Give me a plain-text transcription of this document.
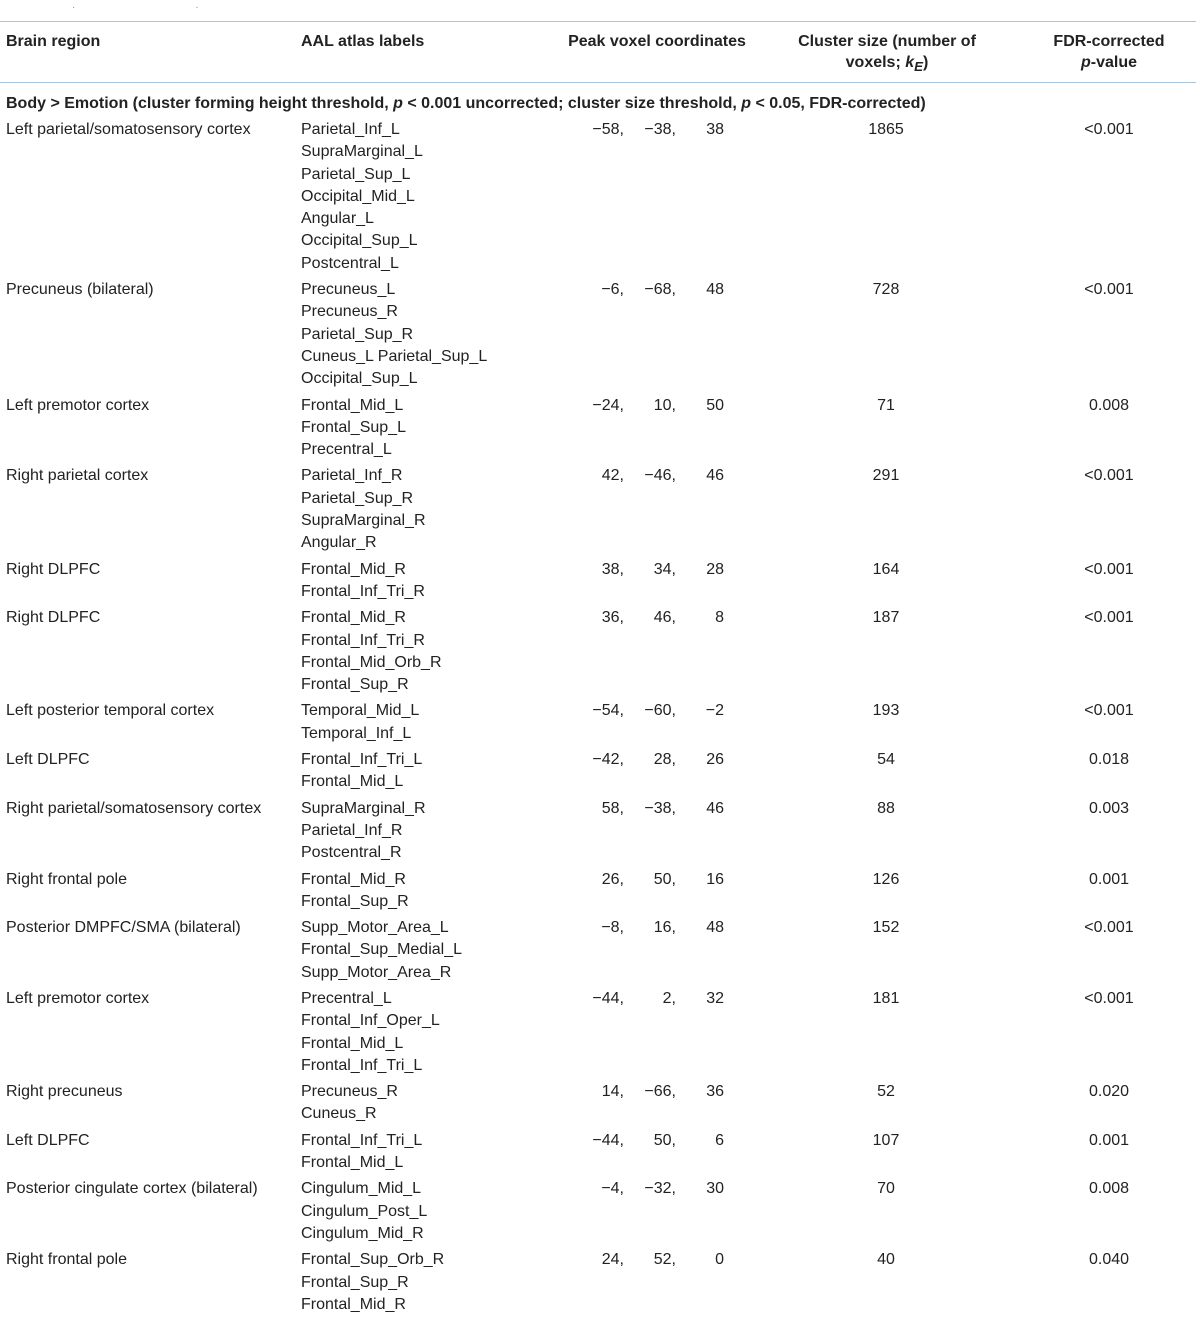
··
Brain region	AAL atlas labels	Peak voxel coordinates	Cluster size (number of
voxels; $k_E$)
FDR-corrected
p-value
Body > Emotion (cluster forming height threshold, p < 0.001 uncorrected; cluster size threshold, p < 0.05, FDR-corrected)
Left parietal/somatosensory cortex	Parietal_Inf_L
SupraMarginal_L
Parietal_Sup_L
Occipital_Mid_L
Angular_L
Occipital_Sup_L
Postcentral_L
−58,	−38,	38	1865	<0.001
Precuneus (bilateral)	Precuneus_L
Precuneus_R
Parietal_Sup_R
Cuneus_L Parietal_Sup_L
Occipital_Sup_L
−6,	−68,	48	728	<0.001
Left premotor cortex	Frontal_Mid_L
Frontal_Sup_L
Precentral_L
−24,	10,	50	71	0.008
Right parietal cortex	Parietal_Inf_R
Parietal_Sup_R
SupraMarginal_R
Angular_R
42,	−46,	46	291	<0.001
Right DLPFC	Frontal_Mid_R
Frontal_Inf_Tri_R
38,	34,	28	164	<0.001
Right DLPFC	Frontal_Mid_R
Frontal_Inf_Tri_R
Frontal_Mid_Orb_R
Frontal_Sup_R
36,	46,	8	187	<0.001
Left posterior temporal cortex	Temporal_Mid_L
Temporal_Inf_L
−54,	−60,	−2	193	<0.001
Left DLPFC	Frontal_Inf_Tri_L
Frontal_Mid_L
−42,	28,	26	54	0.018
Right parietal/somatosensory cortex SupraMarginal_R
Parietal_Inf_R
Postcentral_R
58,	−38,	46	88	0.003
Right frontal pole	Frontal_Mid_R
Frontal_Sup_R
26,	50,	16	126	0.001
Posterior DMPFC/SMA (bilateral)	Supp_Motor_Area_L
Frontal_Sup_Medial_L
Supp_Motor_Area_R
−8,	16,	48	152	<0.001
Left premotor cortex	Precentral_L
Frontal_Inf_Oper_L
Frontal_Mid_L
Frontal_Inf_Tri_L
−44,	2,	32	181	<0.001
Right precuneus	Precuneus_R
Cuneus_R
14,	−66,	36	52	0.020
Left DLPFC	Frontal_Inf_Tri_L
Frontal_Mid_L
−44,	50,	6	107	0.001
Posterior cingulate cortex (bilateral)	Cingulum_Mid_L
Cingulum_Post_L
Cingulum_Mid_R
−4,	−32,	30	70	0.008
Right frontal pole	Frontal_Sup_Orb_R
Frontal_Sup_R
Frontal_Mid_R
24,	52,	0	40	0.040
